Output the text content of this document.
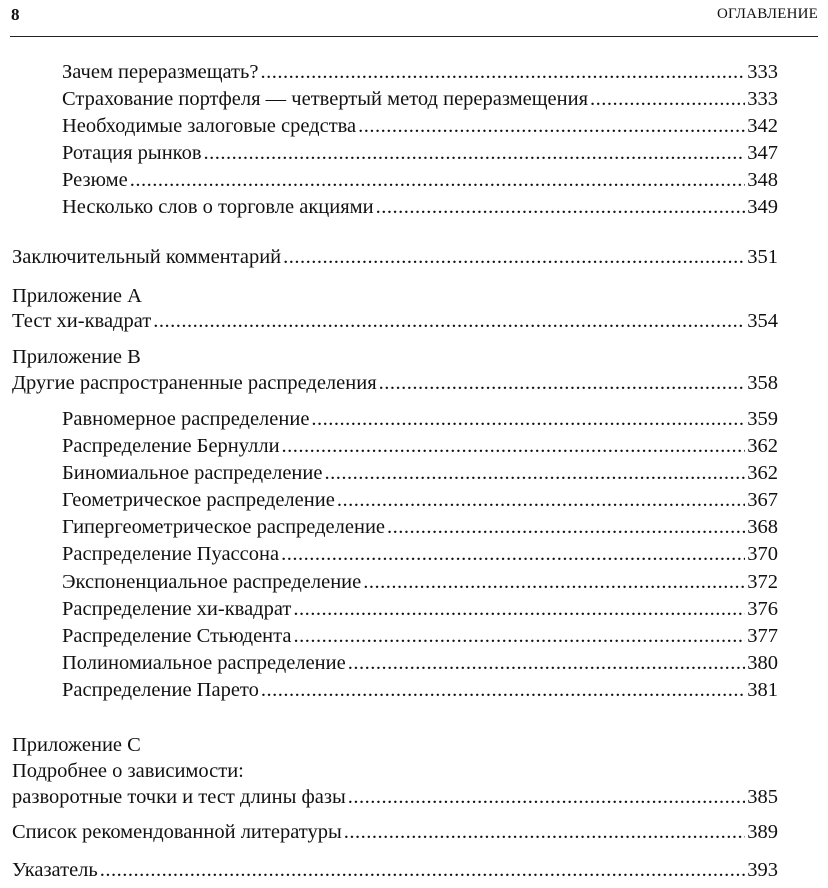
8	ОГЛАВЛЕНИЕ
Зачем переразмещать? .....	333
Страхование портфеля — четвертый метод переразмещения .....	333
Необходимые залоговые средства .....	342
Ротация рынков .....	347
Резюме .....	348
Несколько слов о торговле акциями .....	349
Заключительный комментарий .....	351
Приложение А
Тест хи-квадрат .....	354
Приложение В
Другие распространенные распределения .....	358
Равномерное распределение .....	359
Распределение Бернулли .....	362
Биномиальное распределение .....	362
Геометрическое распределение .....	367
Гипергеометрическое распределение .....	368
Распределение Пуассона .....	370
Экспоненциальное распределение .....	372
Распределение хи-квадрат .....	376
Распределение Стьюдента .....	377
Полиномиальное распределение .....	380
Распределение Парето .....	381
Приложение С
Подробнее о зависимости:
разворотные точки и тест длины фазы .....	385
Список рекомендованной литературы .....	389
Указатель .....	393
